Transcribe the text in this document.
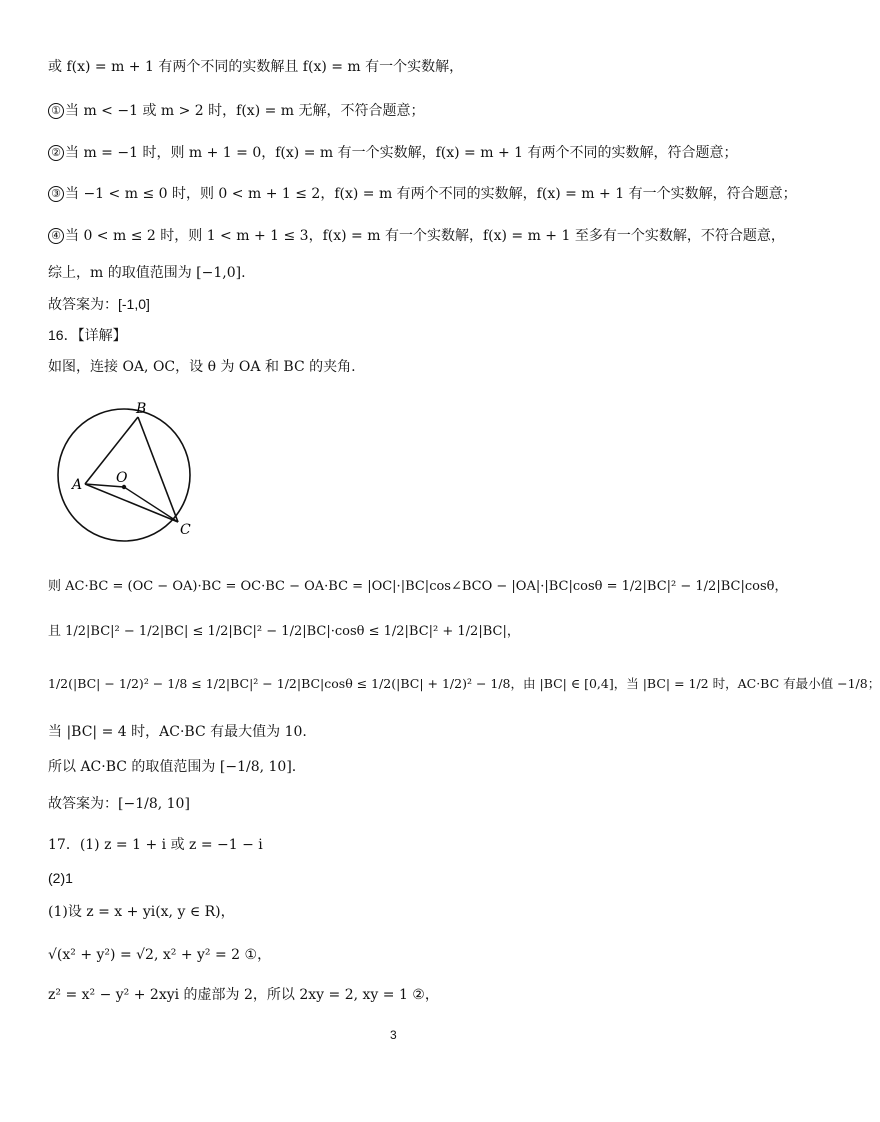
或 f(x) = m + 1 有两个不同的实数解且 f(x) = m 有一个实数解，
① 当 m < −1 或 m > 2 时，f(x) = m 无解，不符合题意；
② 当 m = −1 时，则 m + 1 = 0，f(x) = m 有一个实数解，f(x) = m + 1 有两个不同的实数解，符合题意；
③ 当 −1 < m ≤ 0 时，则 0 < m + 1 ≤ 2，f(x) = m 有两个不同的实数解，f(x) = m + 1 有一个实数解，符合题意；
④ 当 0 < m ≤ 2 时，则 1 < m + 1 ≤ 3，f(x) = m 有一个实数解，f(x) = m + 1 至多有一个实数解，不符合题意，
综上，m 的取值范围为 [−1,0].
故答案为：[-1,0]
16．【详解】
如图，连接 OA, OC，设 θ 为 OA 和 BC 的夹角.
A
B
C
O
则 AC·BC = (OC − OA)·BC = OC·BC − OA·BC = |OC|·|BC|cos∠BCO − |OA|·|BC|cosθ = 1/2|BC|² − 1/2|BC|cosθ，
且 1/2|BC|² − 1/2|BC| ≤ 1/2|BC|² − 1/2|BC|·cosθ ≤ 1/2|BC|² + 1/2|BC|，
1/2(|BC| − 1/2)² − 1/8 ≤ 1/2|BC|² − 1/2|BC|cosθ ≤ 1/2(|BC| + 1/2)² − 1/8，由 |BC| ∈ [0,4]，当 |BC| = 1/2 时，AC·BC 有最小值 −1/8；
当 |BC| = 4 时，AC·BC 有最大值为 10.
所以 AC·BC 的取值范围为 [−1/8, 10].
故答案为：[−1/8, 10]
17．(1) z = 1 + i 或 z = −1 − i
(2)1
(1)设 z = x + yi(x, y ∈ R)，
√(x² + y²) = √2, x² + y² = 2 ①，
z² = x² − y² + 2xyi 的虚部为 2，所以 2xy = 2, xy = 1 ②，
3
